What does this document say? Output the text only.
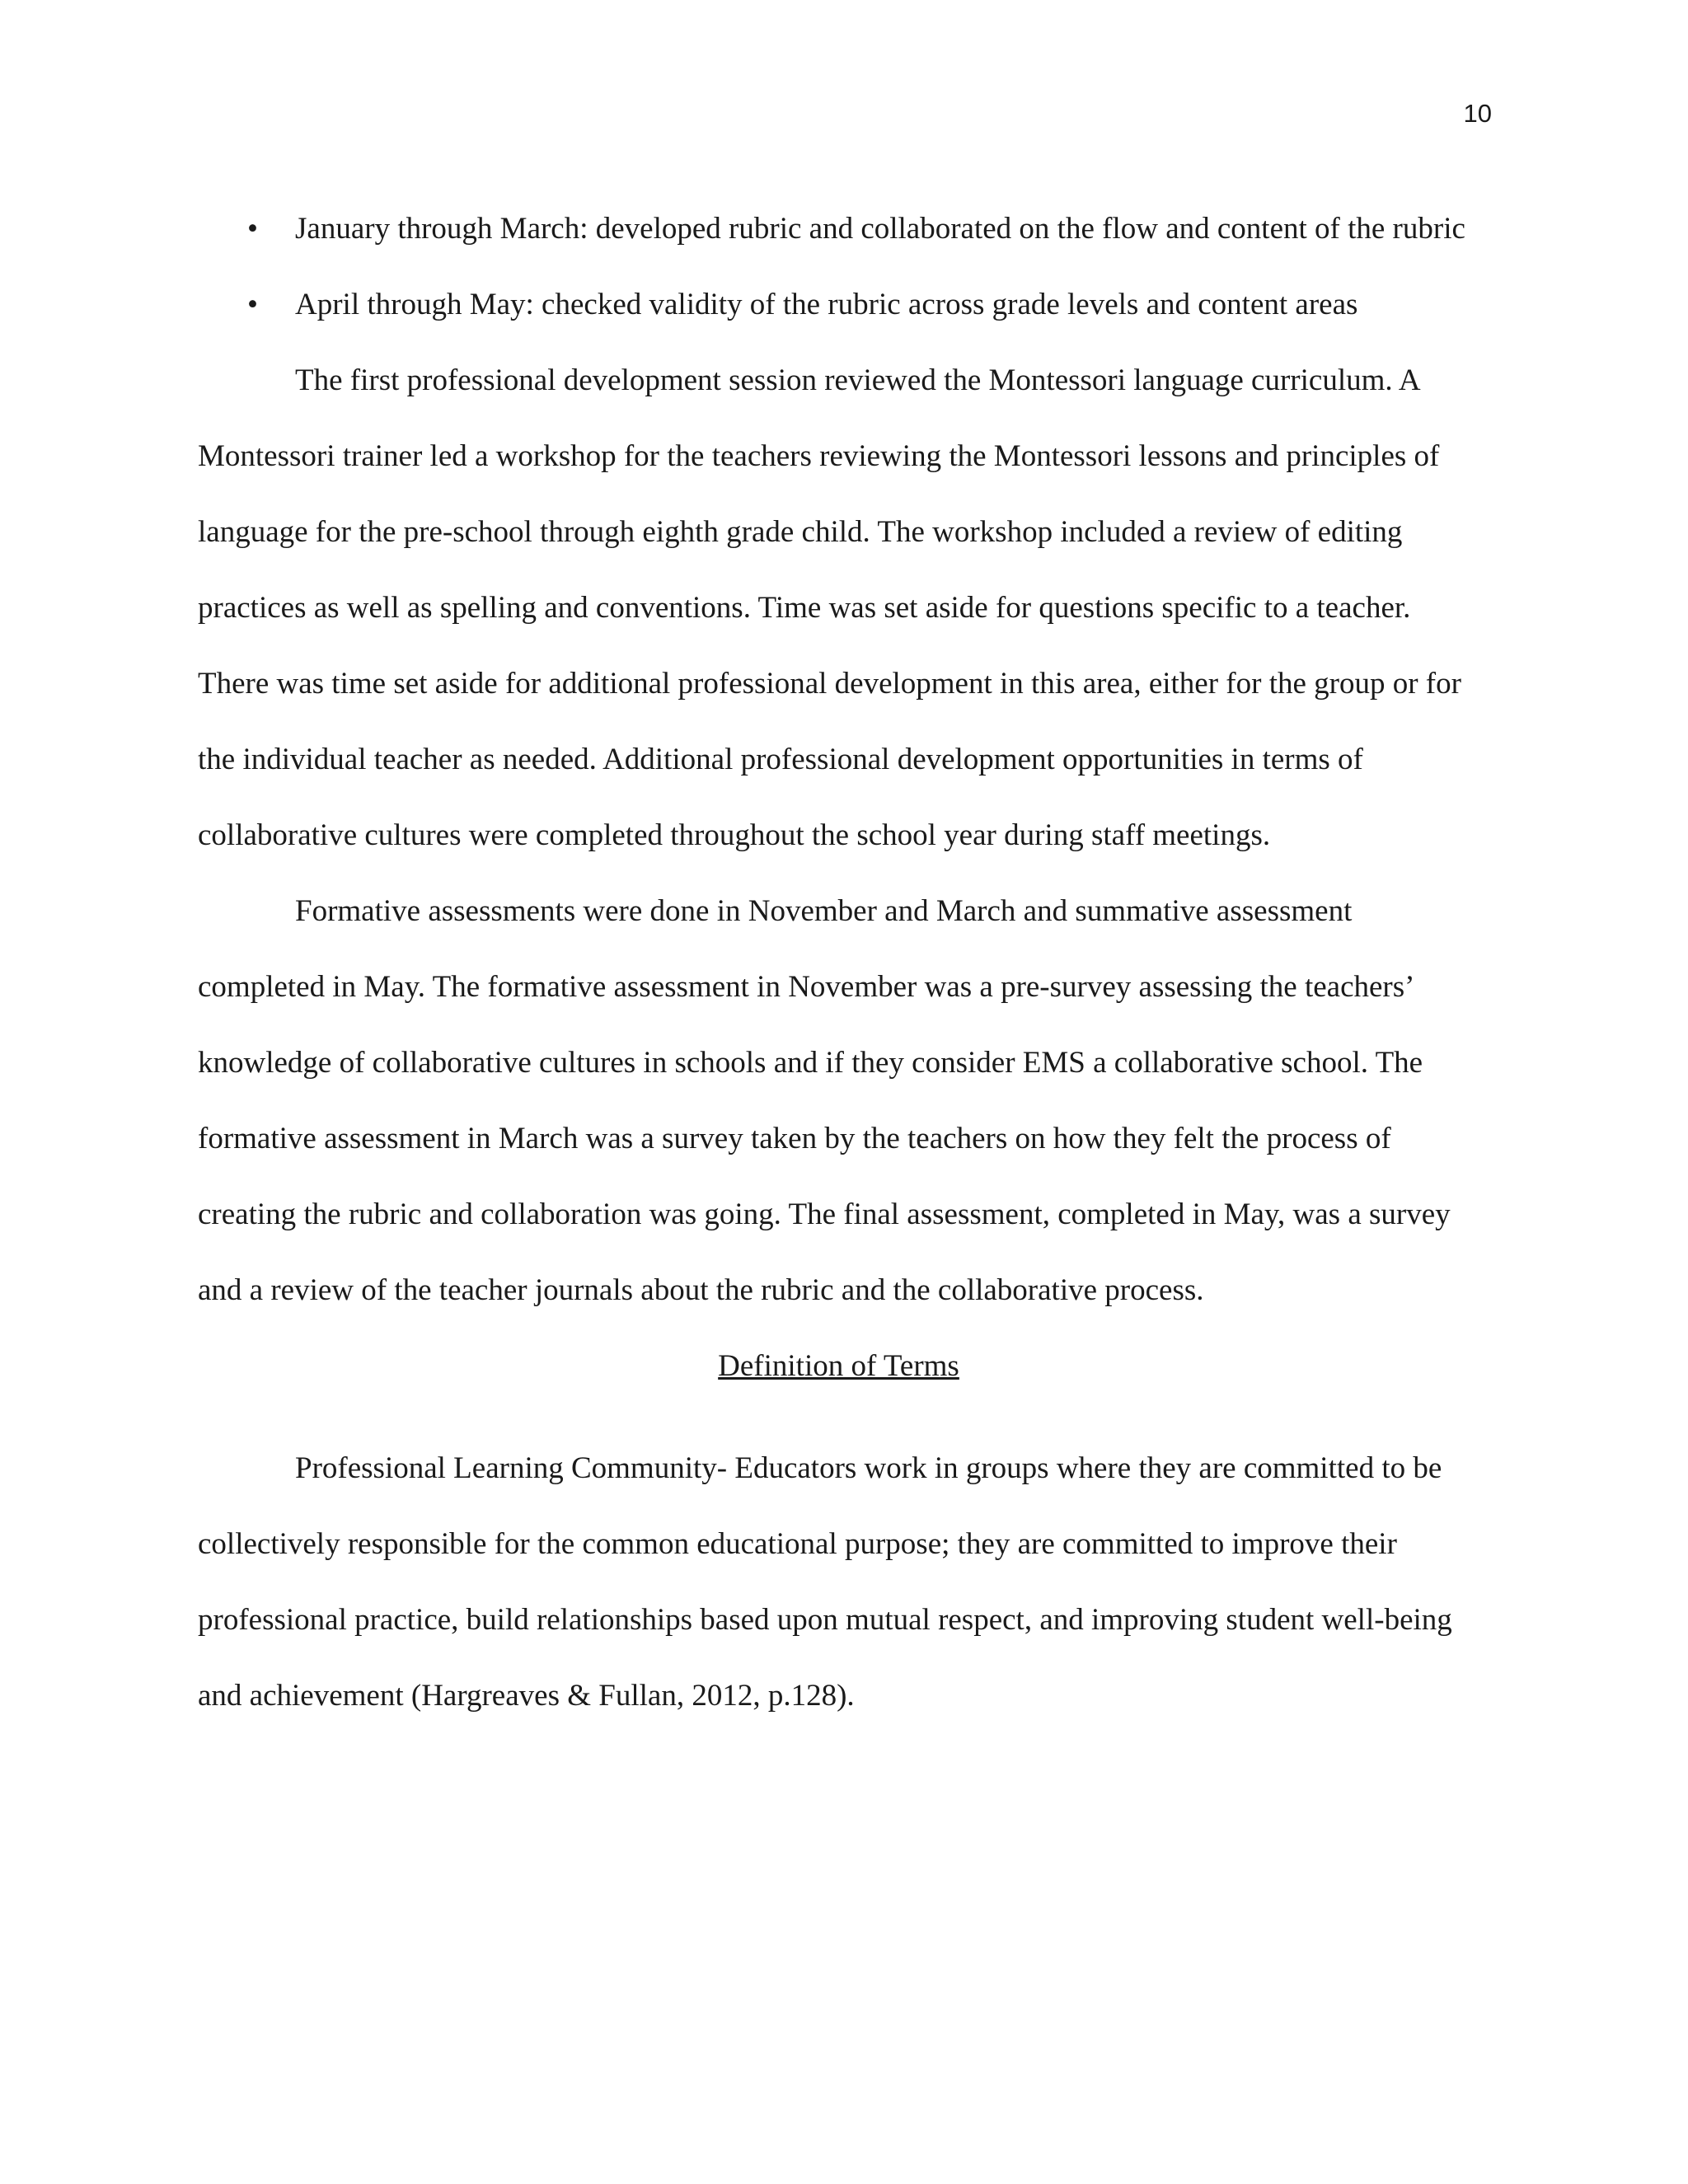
10
• January through March: developed rubric and collaborated on the flow and content of the rubric
• April through May: checked validity of the rubric across grade levels and content areas

The first professional development session reviewed the Montessori language curriculum. A Montessori trainer led a workshop for the teachers reviewing the Montessori lessons and principles of language for the pre-school through eighth grade child. The workshop included a review of editing practices as well as spelling and conventions. Time was set aside for questions specific to a teacher. There was time set aside for additional professional development in this area, either for the group or for the individual teacher as needed. Additional professional development opportunities in terms of collaborative cultures were completed throughout the school year during staff meetings.

Formative assessments were done in November and March and summative assessment completed in May. The formative assessment in November was a pre-survey assessing the teachers’ knowledge of collaborative cultures in schools and if they consider EMS a collaborative school. The formative assessment in March was a survey taken by the teachers on how they felt the process of creating the rubric and collaboration was going. The final assessment, completed in May, was a survey and a review of the teacher journals about the rubric and the collaborative process.

Definition of Terms

Professional Learning Community- Educators work in groups where they are committed to be collectively responsible for the common educational purpose; they are committed to improve their professional practice, build relationships based upon mutual respect, and improving student well-being and achievement (Hargreaves & Fullan, 2012, p.128).
